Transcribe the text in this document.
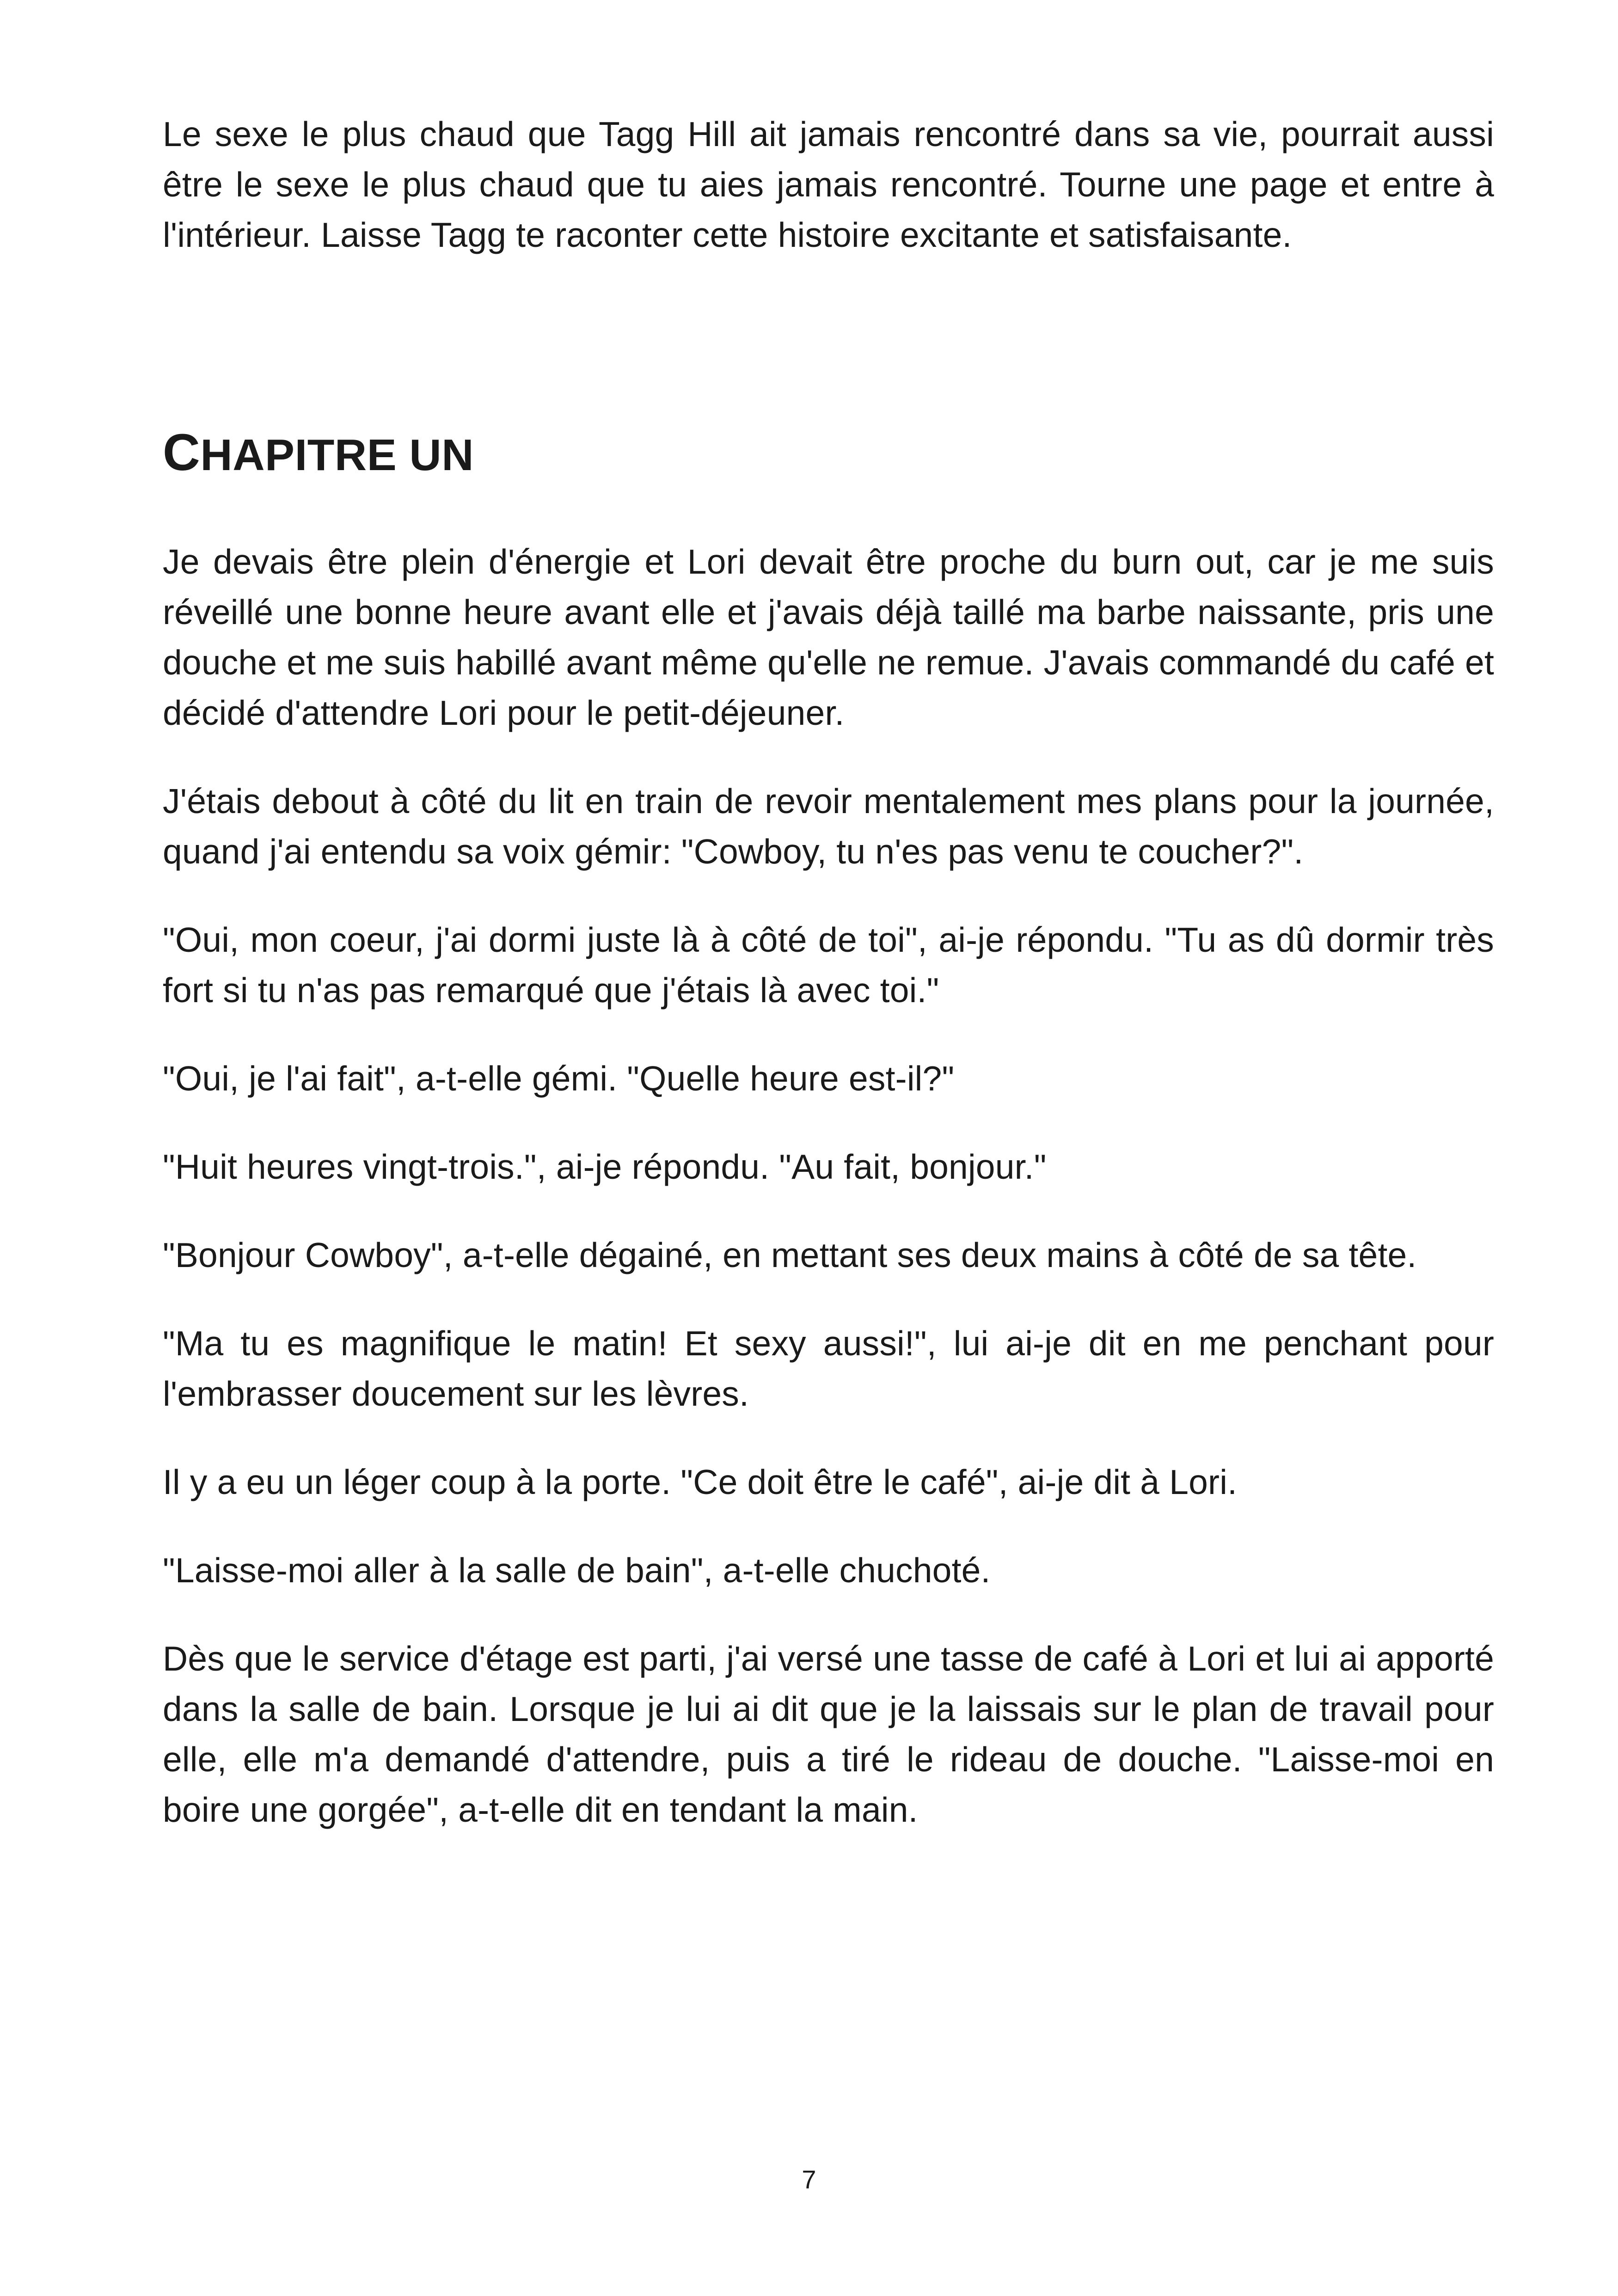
Le sexe le plus chaud que Tagg Hill ait jamais rencontré dans sa vie, pourrait aussi être le sexe le plus chaud que tu aies jamais rencontré. Tourne une page et entre à l'intérieur. Laisse Tagg te raconter cette histoire excitante et satisfaisante.

CHAPITRE UN

Je devais être plein d'énergie et Lori devait être proche du burn out, car je me suis réveillé une bonne heure avant elle et j'avais déjà taillé ma barbe naissante, pris une douche et me suis habillé avant même qu'elle ne remue. J'avais commandé du café et décidé d'attendre Lori pour le petit-déjeuner.

J'étais debout à côté du lit en train de revoir mentalement mes plans pour la journée, quand j'ai entendu sa voix gémir: "Cowboy, tu n'es pas venu te coucher?".

"Oui, mon coeur, j'ai dormi juste là à côté de toi", ai-je répondu. "Tu as dû dormir très fort si tu n'as pas remarqué que j'étais là avec toi."

"Oui, je l'ai fait", a-t-elle gémi. "Quelle heure est-il?"

"Huit heures vingt-trois.", ai-je répondu. "Au fait, bonjour."

"Bonjour Cowboy", a-t-elle dégainé, en mettant ses deux mains à côté de sa tête.

"Ma tu es magnifique le matin! Et sexy aussi!", lui ai-je dit en me penchant pour l'embrasser doucement sur les lèvres.

Il y a eu un léger coup à la porte. "Ce doit être le café", ai-je dit à Lori.

"Laisse-moi aller à la salle de bain", a-t-elle chuchoté.

Dès que le service d'étage est parti, j'ai versé une tasse de café à Lori et lui ai apporté dans la salle de bain. Lorsque je lui ai dit que je la laissais sur le plan de travail pour elle, elle m'a demandé d'attendre, puis a tiré le rideau de douche. "Laisse-moi en boire une gorgée", a-t-elle dit en tendant la main.

7
